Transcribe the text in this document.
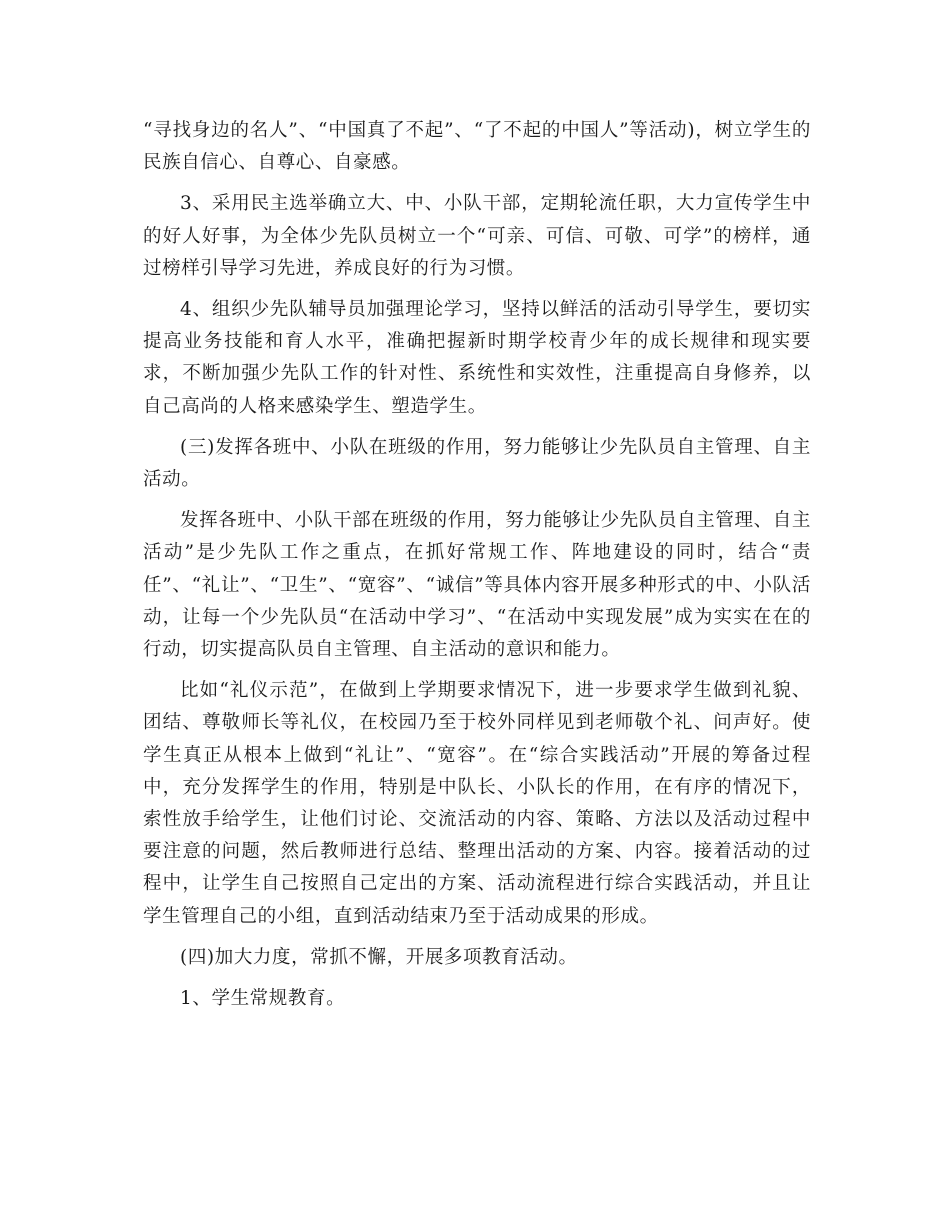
“寻找身边的名人”、“中国真了不起”、“了不起的中国人”等活动)，树立学生的民族自信心、自尊心、自豪感。

3、采用民主选举确立大、中、小队干部，定期轮流任职，大力宣传学生中的好人好事，为全体少先队员树立一个“可亲、可信、可敬、可学”的榜样，通过榜样引导学习先进，养成良好的行为习惯。

4、组织少先队辅导员加强理论学习，坚持以鲜活的活动引导学生，要切实提高业务技能和育人水平，准确把握新时期学校青少年的成长规律和现实要求，不断加强少先队工作的针对性、系统性和实效性，注重提高自身修养，以自己高尚的人格来感染学生、塑造学生。

(三)发挥各班中、小队在班级的作用，努力能够让少先队员自主管理、自主活动。

发挥各班中、小队干部在班级的作用，努力能够让少先队员自主管理、自主活动”是少先队工作之重点，在抓好常规工作、阵地建设的同时，结合“责任”、“礼让”、“卫生”、“宽容”、“诚信”等具体内容开展多种形式的中、小队活动，让每一个少先队员“在活动中学习”、“在活动中实现发展”成为实实在在的行动，切实提高队员自主管理、自主活动的意识和能力。

比如“礼仪示范”，在做到上学期要求情况下，进一步要求学生做到礼貌、团结、尊敬师长等礼仪，在校园乃至于校外同样见到老师敬个礼、问声好。使学生真正从根本上做到“礼让”、“宽容”。在“综合实践活动”开展的筹备过程中，充分发挥学生的作用，特别是中队长、小队长的作用，在有序的情况下，索性放手给学生，让他们讨论、交流活动的内容、策略、方法以及活动过程中要注意的问题，然后教师进行总结、整理出活动的方案、内容。接着活动的过程中，让学生自己按照自己定出的方案、活动流程进行综合实践活动，并且让学生管理自己的小组，直到活动结束乃至于活动成果的形成。

(四)加大力度，常抓不懈，开展多项教育活动。

1、学生常规教育。
